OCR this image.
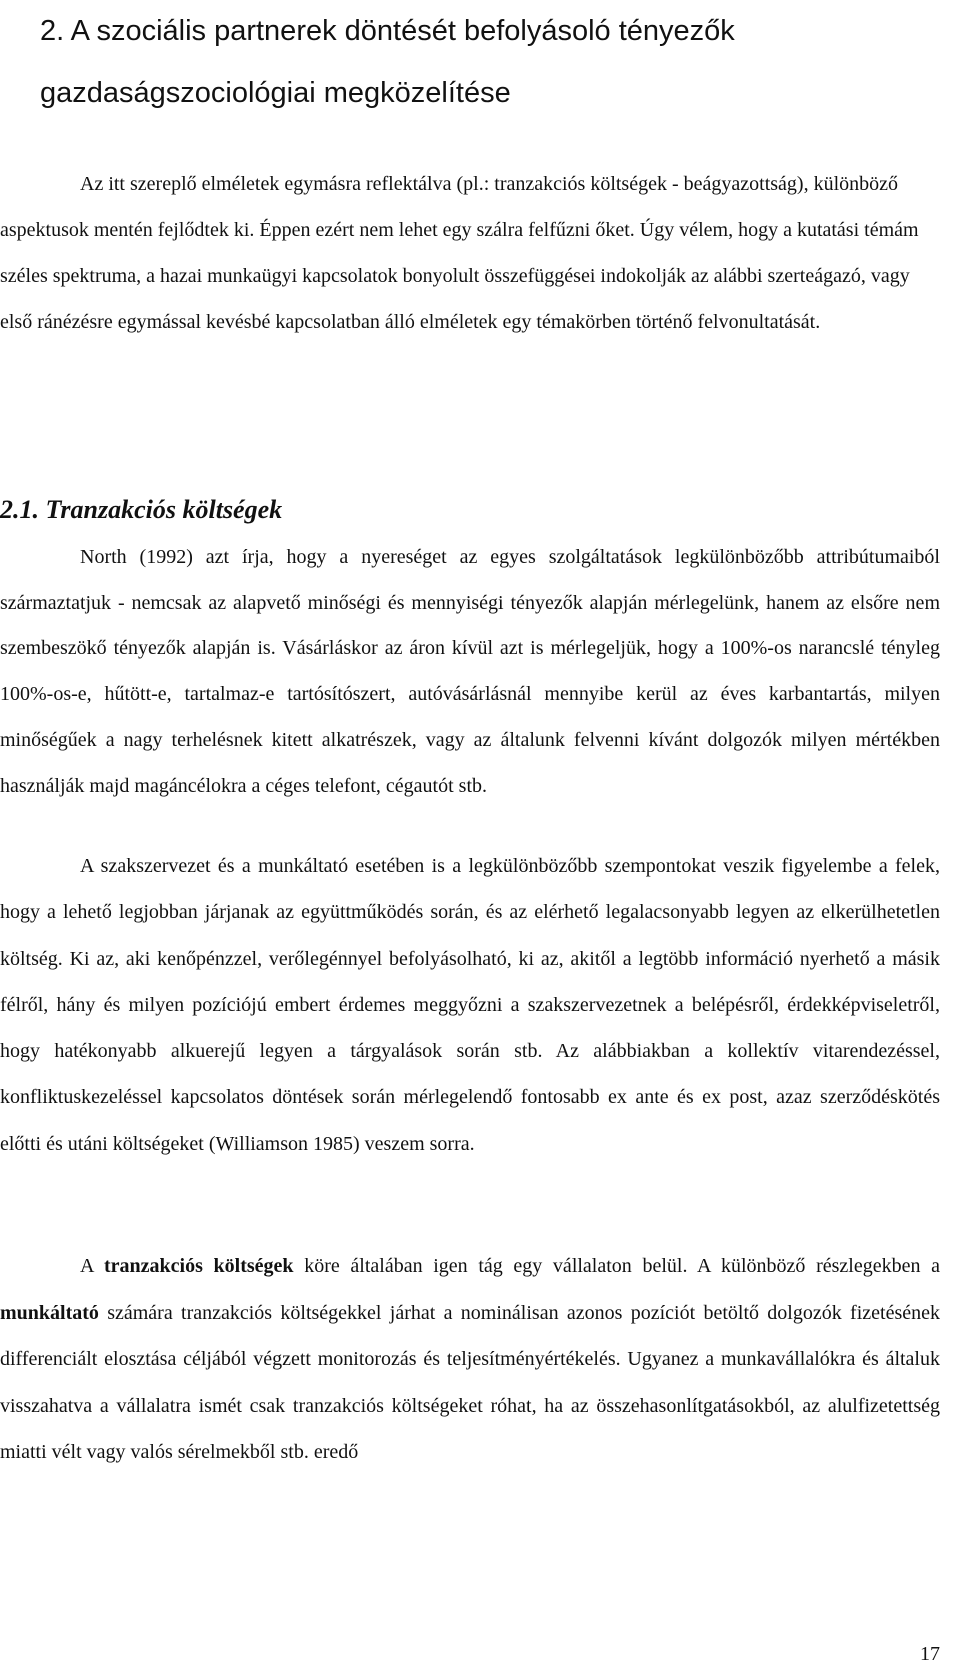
2. A szociális partnerek döntését befolyásoló tényezők gazdaságszociológiai megközelítése

Az itt szereplő elméletek egymásra reflektálva (pl.: tranzakciós költségek - beágyazottság), különböző aspektusok mentén fejlődtek ki. Éppen ezért nem lehet egy szálra felfűzni őket. Úgy vélem, hogy a kutatási témám széles spektruma, a hazai munkaügyi kapcsolatok bonyolult összefüggései indokolják az alábbi szerteágazó, vagy első ránézésre egymással kevésbé kapcsolatban álló elméletek egy témakörben történő felvonultatását.

2.1. Tranzakciós költségek

North (1992) azt írja, hogy a nyereséget az egyes szolgáltatások legkülönbözőbb attribútumaiból származtatjuk - nemcsak az alapvető minőségi és mennyiségi tényezők alapján mérlegelünk, hanem az elsőre nem szembeszökő tényezők alapján is. Vásárláskor az áron kívül azt is mérlegeljük, hogy a 100%-os narancslé tényleg 100%-os-e, hűtött-e, tartalmaz-e tartósítószert, autóvásárlásnál mennyibe kerül az éves karbantartás, milyen minőségűek a nagy terhelésnek kitett alkatrészek, vagy az általunk felvenni kívánt dolgozók milyen mértékben használják majd magáncélokra a céges telefont, cégautót stb.

A szakszervezet és a munkáltató esetében is a legkülönbözőbb szempontokat veszik figyelembe a felek, hogy a lehető legjobban járjanak az együttműködés során, és az elérhető legalacsonyabb legyen az elkerülhetetlen költség. Ki az, aki kenőpénzzel, verőlegénnyel befolyásolható, ki az, akitől a legtöbb információ nyerhető a másik félről, hány és milyen pozíciójú embert érdemes meggyőzni a szakszervezetnek a belépésről, érdekképviseletről, hogy hatékonyabb alkuerejű legyen a tárgyalások során stb. Az alábbiakban a kollektív vitarendezéssel, konfliktuskezeléssel kapcsolatos döntések során mérlegelendő fontosabb ex ante és ex post, azaz szerződéskötés előtti és utáni költségeket (Williamson 1985) veszem sorra.

A tranzakciós költségek köre általában igen tág egy vállalaton belül. A különböző részlegekben a munkáltató számára tranzakciós költségekkel járhat a nominálisan azonos pozíciót betöltő dolgozók fizetésének differenciált elosztása céljából végzett monitorozás és teljesítményértékelés. Ugyanez a munkavállalókra és általuk visszahatva a vállalatra ismét csak tranzakciós költségeket róhat, ha az összehasonlítgatásokból, az alulfizetettség miatti vélt vagy valós sérelmekből stb. eredő

17
